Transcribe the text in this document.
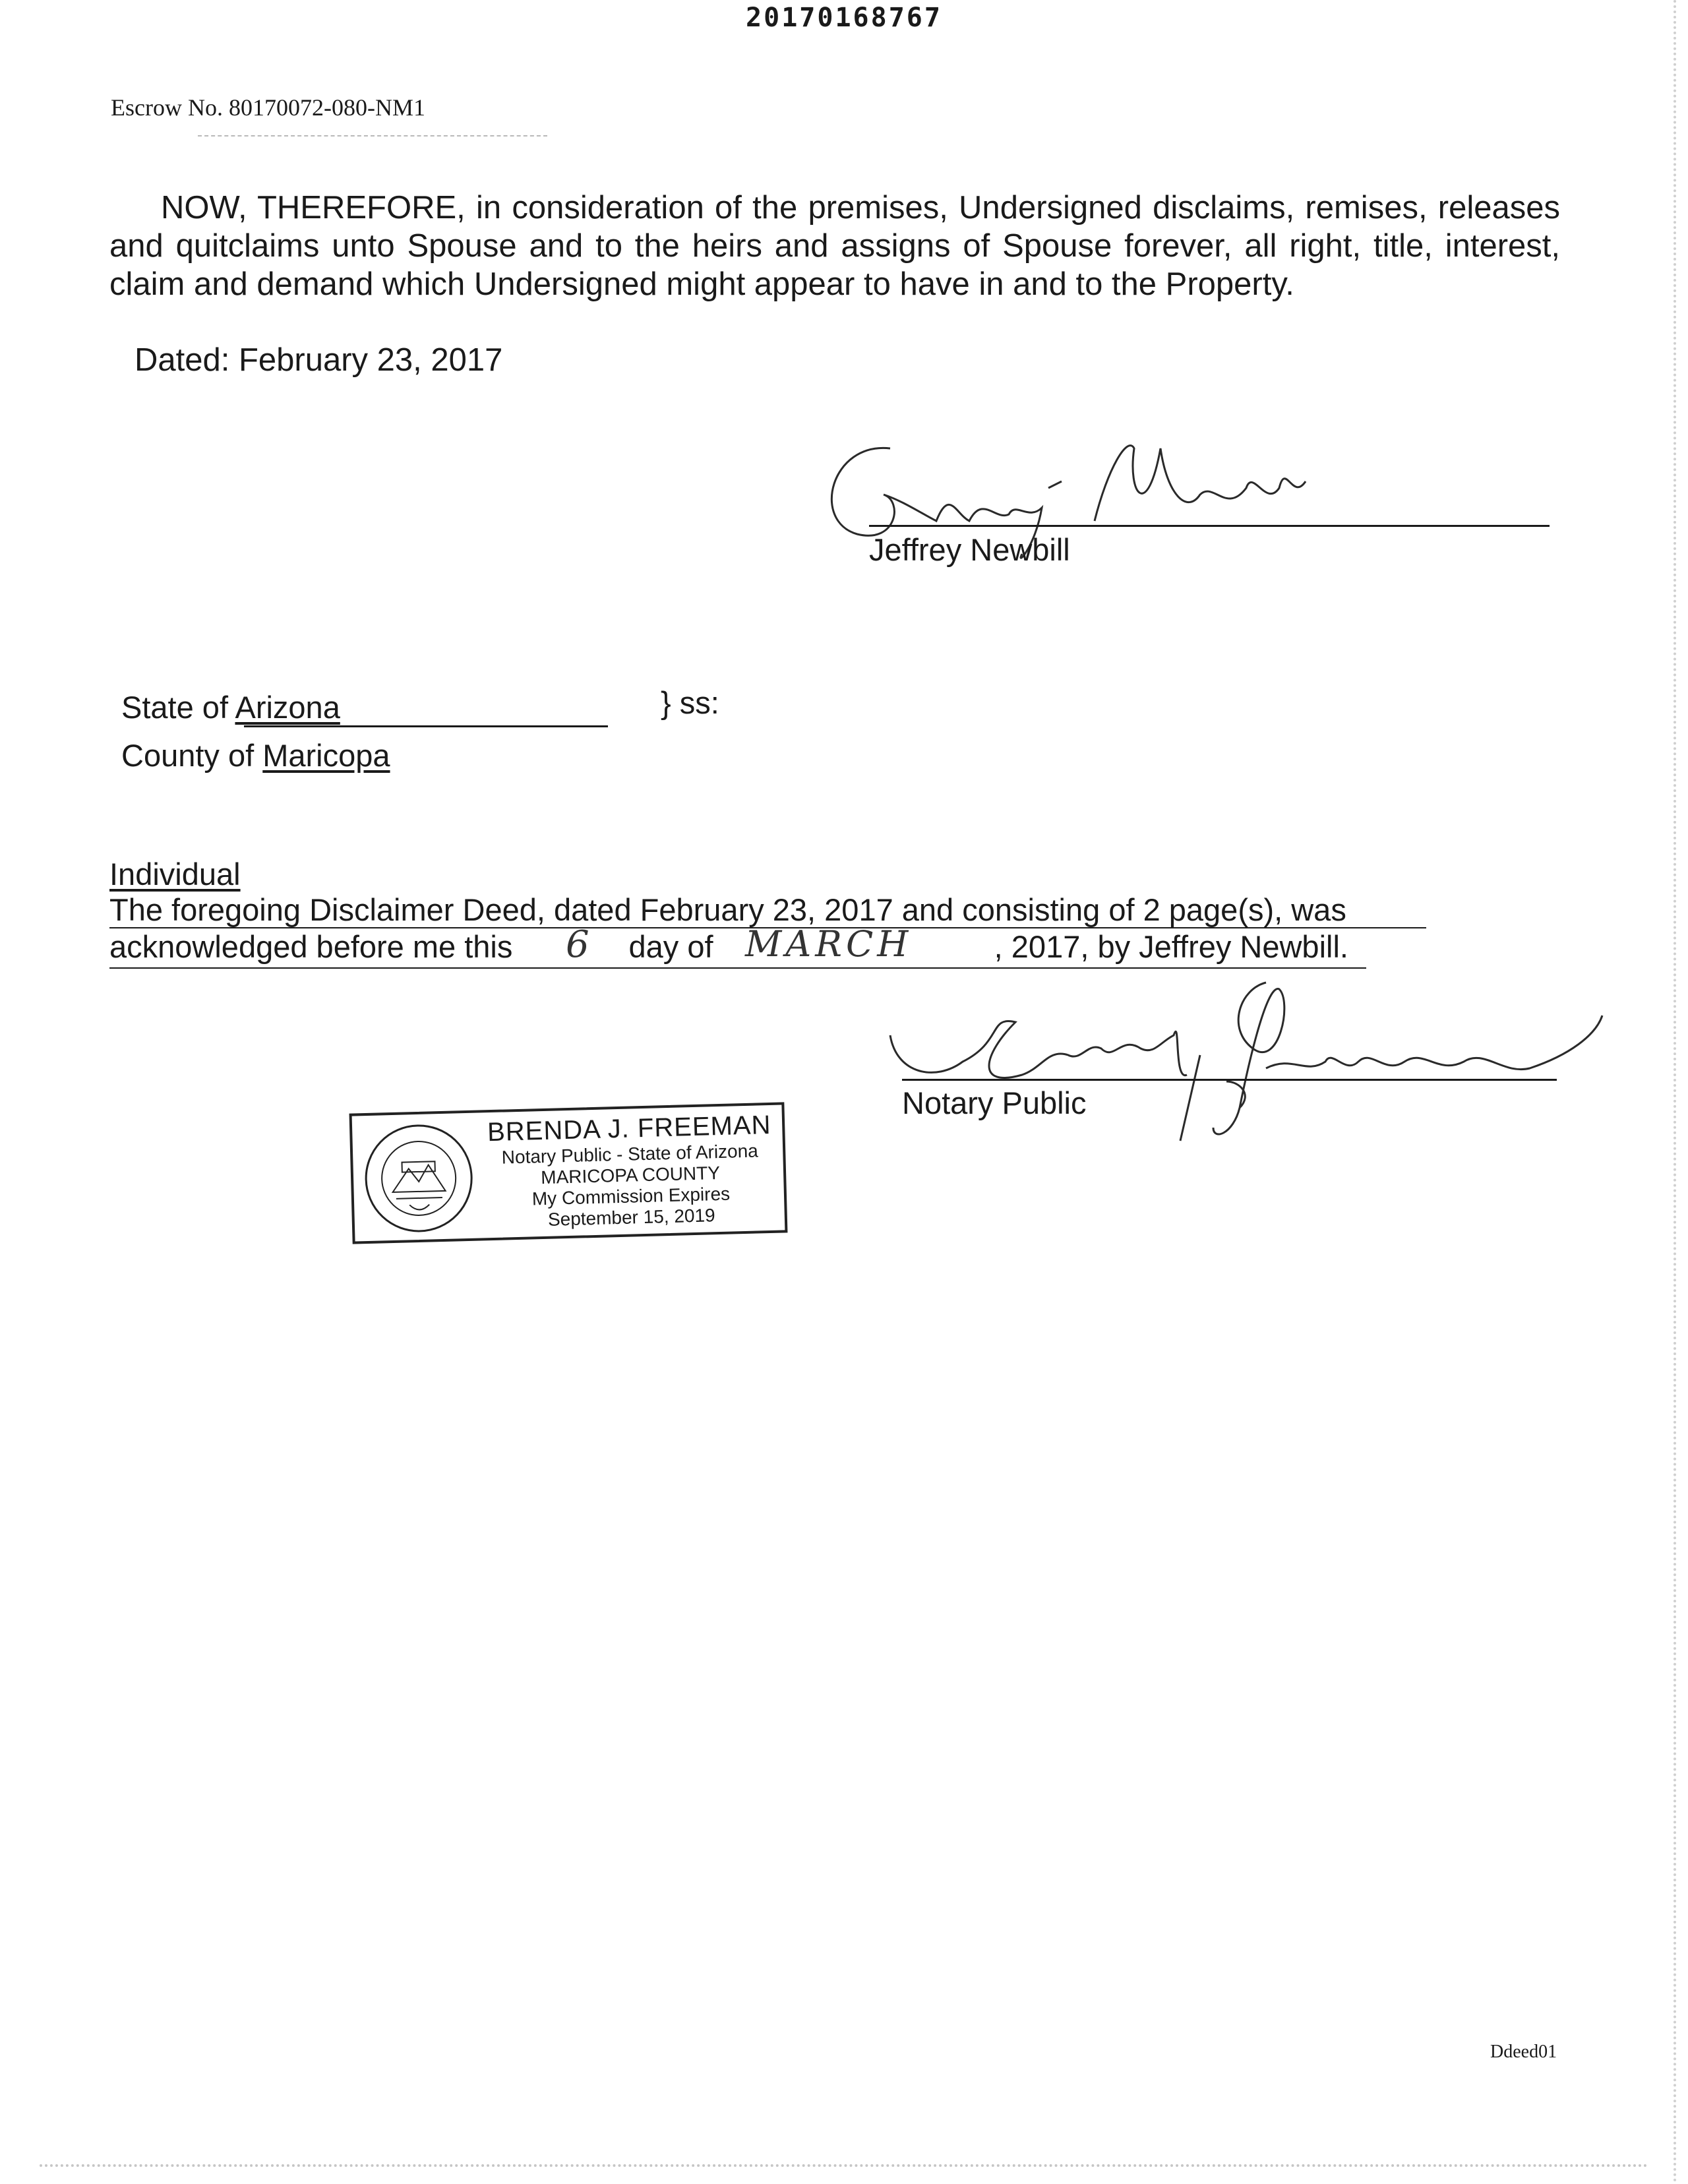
20170168767
Escrow No. 80170072-080-NM1
NOW, THEREFORE, in consideration of the premises, Undersigned disclaims, remises, releases and quitclaims unto Spouse and to the heirs and assigns of Spouse forever, all right, title, interest, claim and demand which Undersigned might appear to have in and to the Property.
Dated: February 23, 2017
Jeffrey Newbill
State of Arizona	} ss:
County of Maricopa
Individual
The foregoing Disclaimer Deed, dated February 23, 2017 and consisting of 2 page(s), was
acknowledged before me this	day of	, 2017, by Jeffrey Newbill.
6	MARCH
Notary Public
BRENDA J. FREEMAN
Notary Public - State of Arizona
MARICOPA COUNTY
My Commission Expires
September 15, 2019
Ddeed01
